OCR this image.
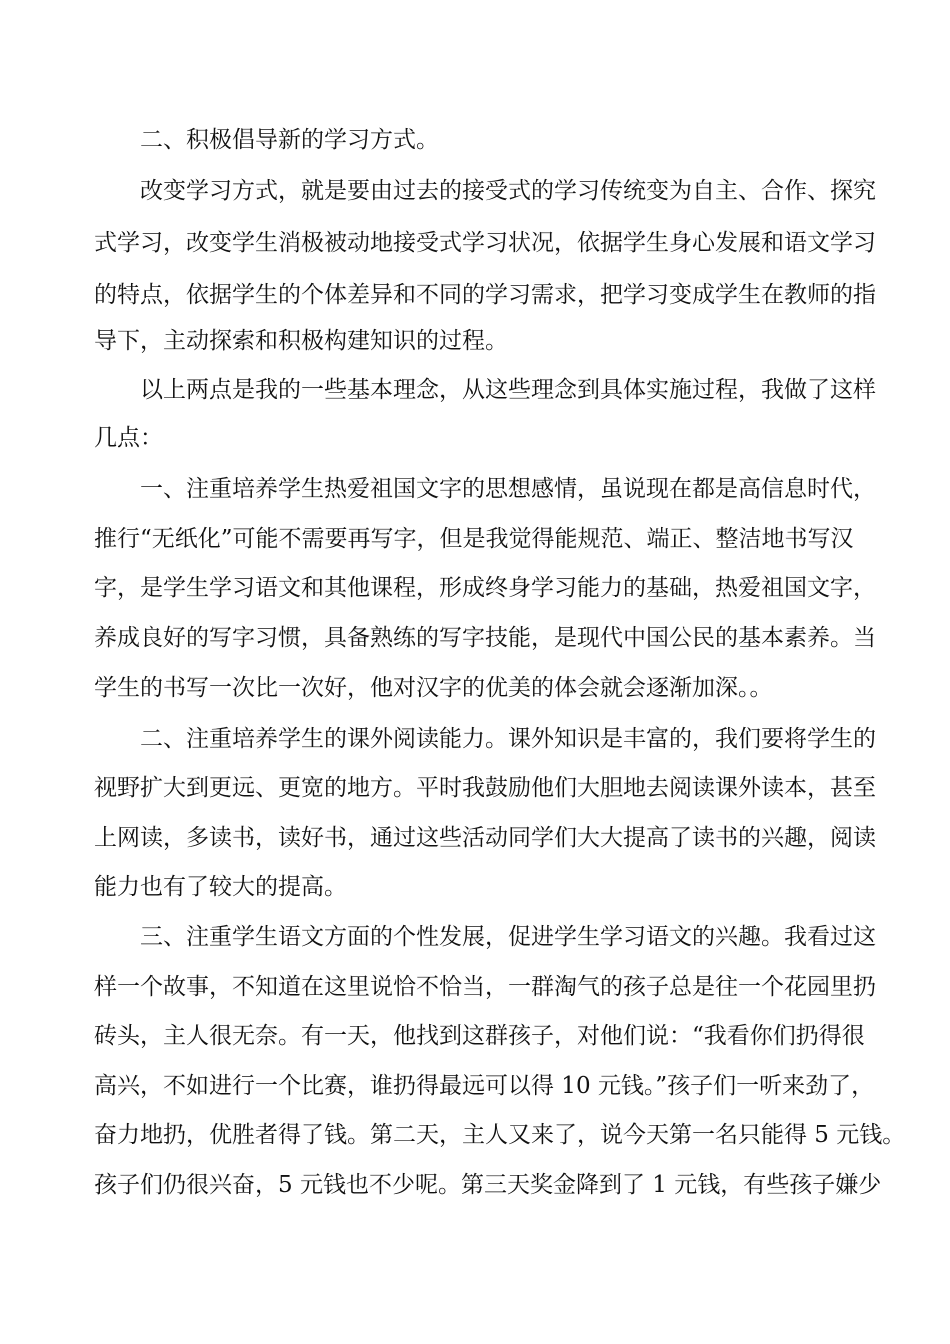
二、积极倡导新的学习方式。
改变学习方式，就是要由过去的接受式的学习传统变为自主、合作、探究
式学习，改变学生消极被动地接受式学习状况，依据学生身心发展和语文学习
的特点，依据学生的个体差异和不同的学习需求，把学习变成学生在教师的指
导下，主动探索和积极构建知识的过程。
以上两点是我的一些基本理念，从这些理念到具体实施过程，我做了这样
几点：
一、注重培养学生热爱祖国文字的思想感情，虽说现在都是高信息时代，
推行“无纸化”可能不需要再写字，但是我觉得能规范、端正、整洁地书写汉
字，是学生学习语文和其他课程，形成终身学习能力的基础，热爱祖国文字，
养成良好的写字习惯，具备熟练的写字技能，是现代中国公民的基本素养。当
学生的书写一次比一次好，他对汉字的优美的体会就会逐渐加深。。
二、注重培养学生的课外阅读能力。课外知识是丰富的，我们要将学生的
视野扩大到更远、更宽的地方。平时我鼓励他们大胆地去阅读课外读本，甚至
上网读，多读书，读好书，通过这些活动同学们大大提高了读书的兴趣，阅读
能力也有了较大的提高。
三、注重学生语文方面的个性发展，促进学生学习语文的兴趣。我看过这
样一个故事，不知道在这里说恰不恰当，一群淘气的孩子总是往一个花园里扔
砖头，主人很无奈。有一天，他找到这群孩子，对他们说：“我看你们扔得很
高兴，不如进行一个比赛，谁扔得最远可以得 10 元钱。”孩子们一听来劲了，
奋力地扔，优胜者得了钱。第二天，主人又来了，说今天第一名只能得 5 元钱。
孩子们仍很兴奋，5 元钱也不少呢。第三天奖金降到了 1 元钱，有些孩子嫌少
